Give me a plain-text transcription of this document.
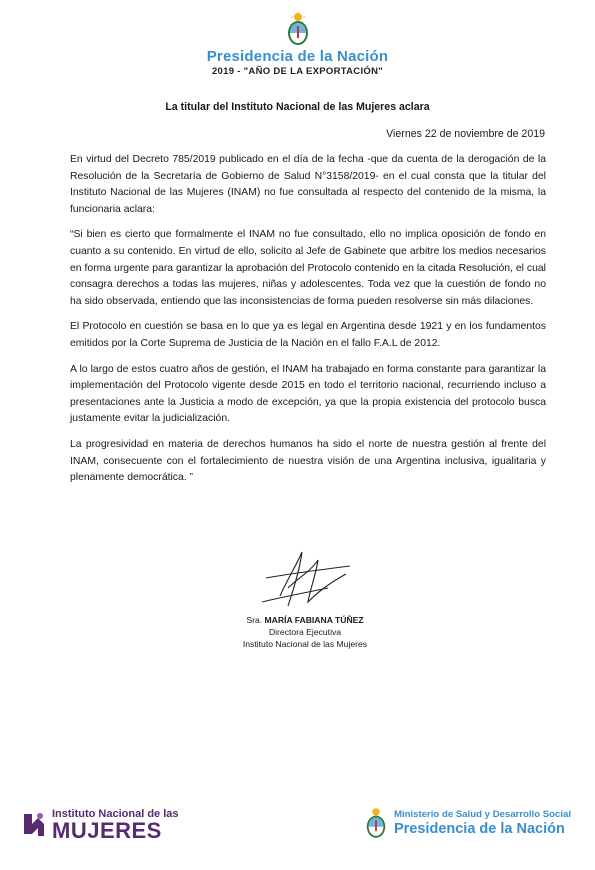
Presidencia de la Nación
2019 - "AÑO DE LA EXPORTACIÓN"
La titular del Instituto Nacional de las Mujeres aclara
Viernes 22 de noviembre de 2019

En virtud del Decreto 785/2019 publicado en el día de la fecha -que da cuenta de la derogación de la Resolución de la Secretaría de Gobierno de Salud N°3158/2019- en el cual consta que la titular del Instituto Nacional de las Mujeres (INAM) no fue consultada al respecto del contenido de la misma, la funcionaria aclara:

“Si bien es cierto que formalmente el INAM no fue consultado, ello no implica oposición de fondo en cuanto a su contenido. En virtud de ello, solicito al Jefe de Gabinete que arbitre los medios necesarios en forma urgente para garantizar la aprobación del Protocolo contenido en la citada Resolución, el cual consagra derechos a todas las mujeres, niñas y adolescentes. Toda vez que la cuestión de fondo no ha sido observada, entiendo que las inconsistencias de forma pueden resolverse sin más dilaciones.

El Protocolo en cuestión se basa en lo que ya es legal en Argentina desde 1921 y en los fundamentos emitidos por la Corte Suprema de Justicia de la Nación en el fallo F.A.L de 2012.

A lo largo de estos cuatro años de gestión, el INAM ha trabajado en forma constante para garantizar la implementación del Protocolo vigente desde 2015 en todo el territorio nacional, recurriendo incluso a presentaciones ante la Justicia a modo de excepción, ya que la propia existencia del protocolo busca justamente evitar la judicialización.

La progresividad en materia de derechos humanos ha sido el norte de nuestra gestión al frente del INAM, consecuente con el fortalecimiento de nuestra visión de una Argentina inclusiva, igualitaria y plenamente democrática. ”

Sra. MARÍA FABIANA TÚÑEZ
Directora Ejecutiva
Instituto Nacional de las Mujeres
Instituto Nacional de las
MUJERES
Ministerio de Salud y Desarrollo Social
Presidencia de la Nación
